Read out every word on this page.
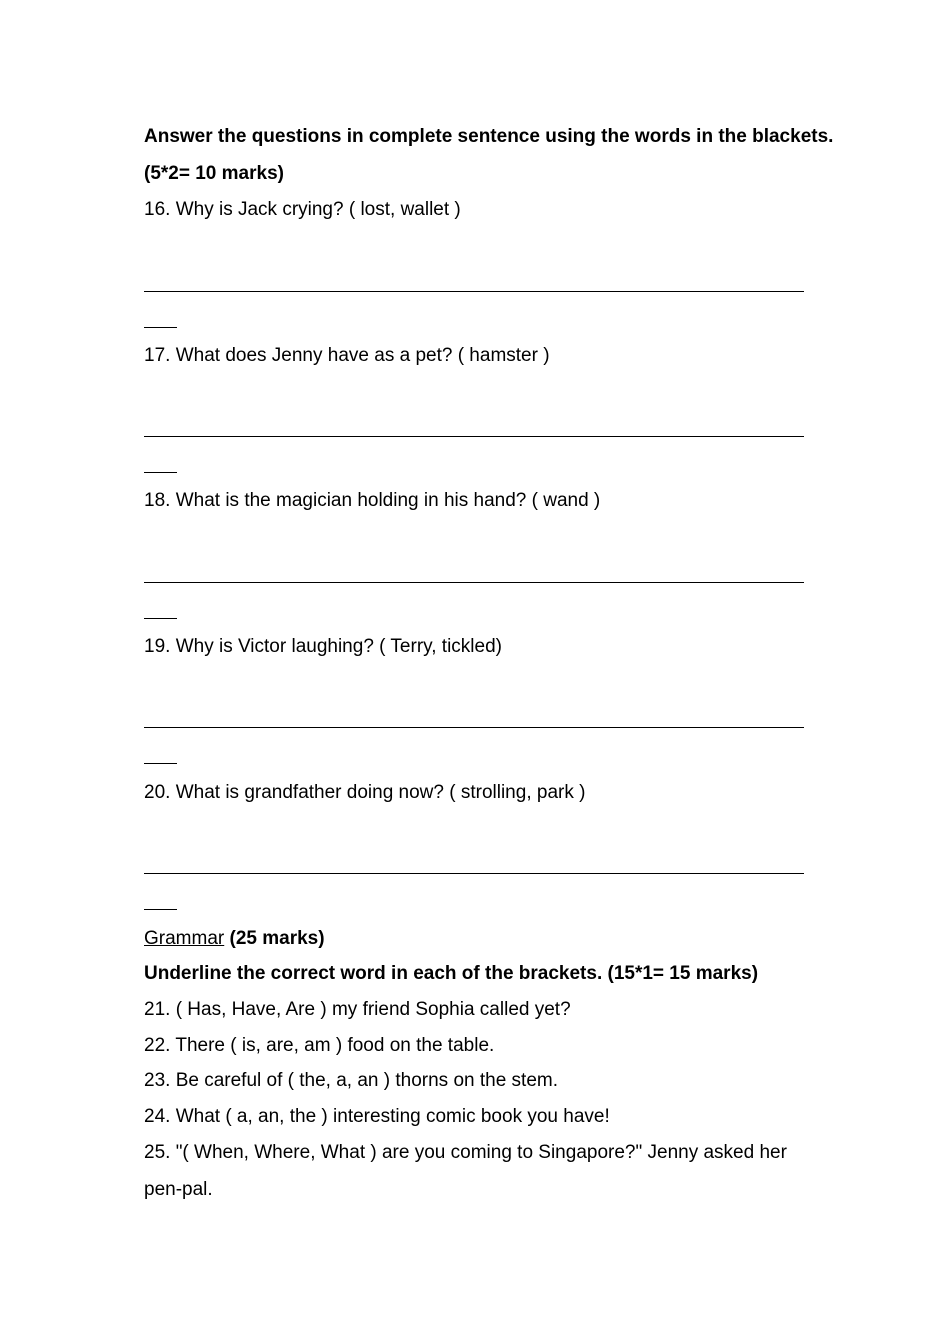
Answer the questions in complete sentence using the words in the blackets.
(5*2= 10 marks)
16. Why is Jack crying? ( lost, wallet )
17. What does Jenny have as a pet? ( hamster )
18. What is the magician holding in his hand? ( wand )
19. Why is Victor laughing? ( Terry, tickled)
20. What is grandfather doing now? ( strolling, park )
Grammar (25 marks)
Underline the correct word in each of the brackets. (15*1= 15 marks)
21. ( Has, Have, Are ) my friend Sophia called yet?
22. There ( is, are, am ) food on the table.
23. Be careful of ( the, a, an ) thorns on the stem.
24. What ( a, an, the ) interesting comic book you have!
25. "( When, Where, What ) are you coming to Singapore?" Jenny asked her
pen-pal.
